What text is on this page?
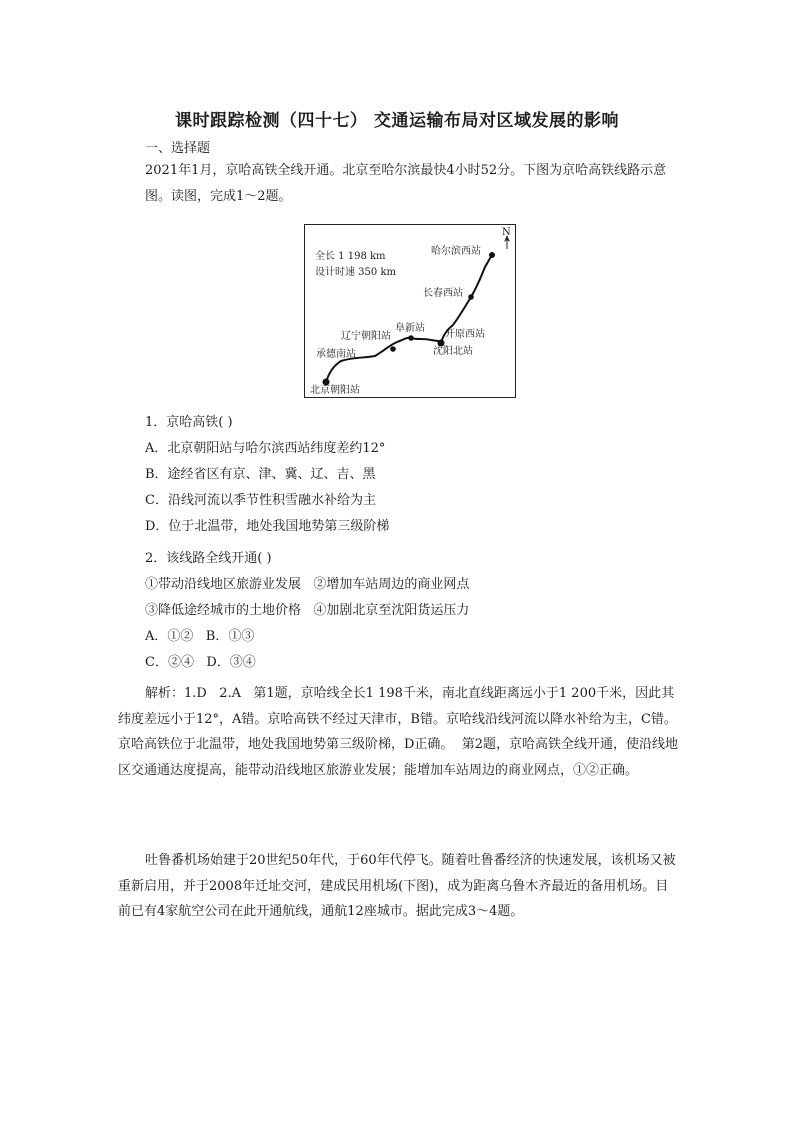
课时跟踪检测（四十七） 交通运输布局对区域发展的影响
一、选择题
2021年1月，京哈高铁全线开通。北京至哈尔滨最快4小时52分。下图为京哈高铁线路示意图。读图，完成1～2题。
全长 1 198 km
设计时速 350 km
N
哈尔滨西站
长春西站
阜新站
开原西站
辽宁朝阳站
沈阳北站
承德南站
北京朝阳站
1．京哈高铁( )
A．北京朝阳站与哈尔滨西站纬度差约12°
B．途经省区有京、津、冀、辽、吉、黑
C．沿线河流以季节性积雪融水补给为主
D．位于北温带，地处我国地势第三级阶梯
2．该线路全线开通( )
①带动沿线地区旅游业发展   ②增加车站周边的商业网点
③降低途经城市的土地价格   ④加剧北京至沈阳货运压力
A．①②   B．①③
C．②④   D．③④
解析：1.D   2.A   第1题，京哈线全长1 198千米，南北直线距离远小于1 200千米，因此其纬度差远小于12°，A错。京哈高铁不经过天津市，B错。京哈线沿线河流以降水补给为主，C错。京哈高铁位于北温带，地处我国地势第三级阶梯，D正确。  第2题，京哈高铁全线开通，使沿线地区交通通达度提高，能带动沿线地区旅游业发展；能增加车站周边的商业网点，①②正确。
吐鲁番机场始建于20世纪50年代，于60年代停飞。随着吐鲁番经济的快速发展，该机场又被重新启用，并于2008年迁址交河，建成民用机场(下图)，成为距离乌鲁木齐最近的备用机场。目前已有4家航空公司在此开通航线，通航12座城市。据此完成3～4题。
